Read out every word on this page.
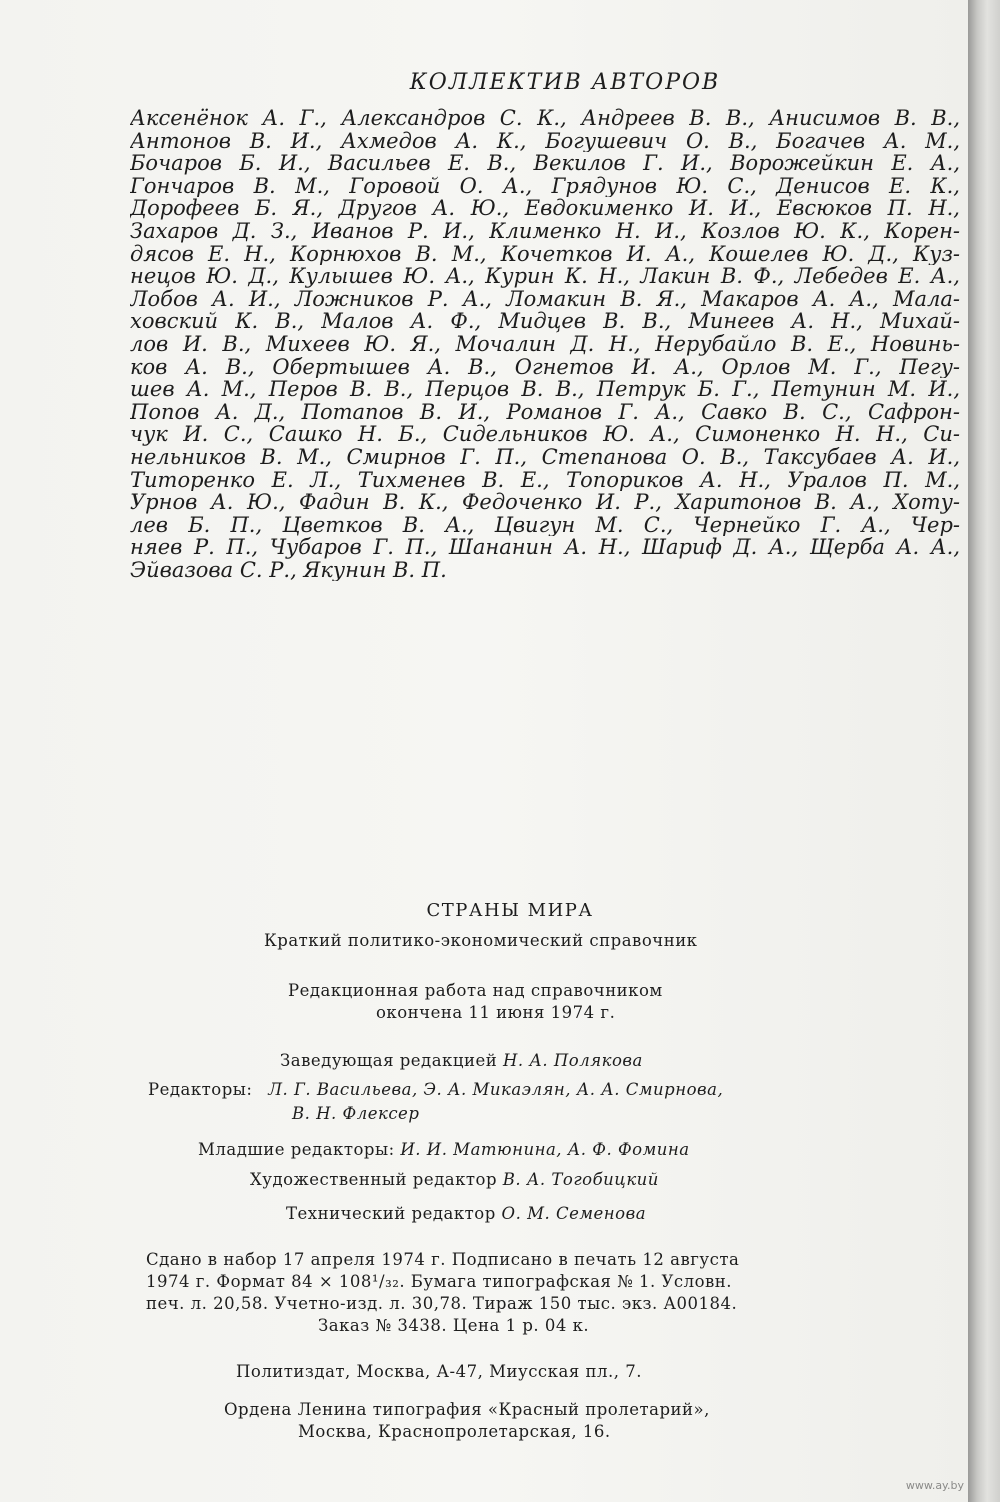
КОЛЛЕКТИВ АВТОРОВ
Аксенёнок А. Г., Александров С. К., Андреев В. В., Анисимов В. В.,
Антонов В. И., Ахмедов А. К., Богушевич О. В., Богачев А. М.,
Бочаров Б. И., Васильев Е. В., Векилов Г. И., Ворожейкин Е. А.,
Гончаров В. М., Горовой О. А., Грядунов Ю. С., Денисов Е. К.,
Дорофеев Б. Я., Другов А. Ю., Евдокименко И. И., Евсюков П. Н.,
Захаров Д. З., Иванов Р. И., Клименко Н. И., Козлов Ю. К., Корен-
дясов Е. Н., Корнюхов В. М., Кочетков И. А., Кошелев Ю. Д., Куз-
нецов Ю. Д., Кулышев Ю. А., Курин К. Н., Лакин В. Ф., Лебедев Е. А.,
Лобов А. И., Ложников Р. А., Ломакин В. Я., Макаров А. А., Мала-
ховский К. В., Малов А. Ф., Мидцев В. В., Минеев А. Н., Михай-
лов И. В., Михеев Ю. Я., Мочалин Д. Н., Нерубайло В. Е., Новинь-
ков А. В., Обертышев А. В., Огнетов И. А., Орлов М. Г., Пегу-
шев А. М., Перов В. В., Перцов В. В., Петрук Б. Г., Петунин М. И.,
Попов А. Д., Потапов В. И., Романов Г. А., Савко В. С., Сафрон-
чук И. С., Сашко Н. Б., Сидельников Ю. А., Симоненко Н. Н., Си-
нельников В. М., Смирнов Г. П., Степанова О. В., Таксубаев А. И.,
Титоренко Е. Л., Тихменев В. Е., Топориков А. Н., Уралов П. М.,
Урнов А. Ю., Фадин В. К., Федоченко И. Р., Харитонов В. А., Хоту-
лев Б. П., Цветков В. А., Цвигун М. С., Чернейко Г. А., Чер-
няев Р. П., Чубаров Г. П., Шананин А. Н., Шариф Д. А., Щерба А. А.,
Эйвазова С. Р., Якунин В. П.
СТРАНЫ МИРА
Краткий политико-экономический справочник
Редакционная работа над справочником
окончена 11 июня 1974 г.
Заведующая редакцией Н. А. Полякова
Редакторы: Л. Г. Васильева, Э. А. Микаэлян, А. А. Смирнова,
В. Н. Флексер
Младшие редакторы: И. И. Матюнина, А. Ф. Фомина
Художественный редактор В. А. Тогобицкий
Технический редактор О. М. Семенова
Сдано в набор 17 апреля 1974 г. Подписано в печать 12 августа
1974 г. Формат 84 × 108¹/₃₂. Бумага типографская № 1. Условн.
печ. л. 20,58. Учетно-изд. л. 30,78. Тираж 150 тыс. экз. А00184.
Заказ № 3438. Цена 1 р. 04 к.
Политиздат, Москва, А-47, Миусская пл., 7.
Ордена Ленина типография «Красный пролетарий»,
Москва, Краснопролетарская, 16.
www.ay.by
